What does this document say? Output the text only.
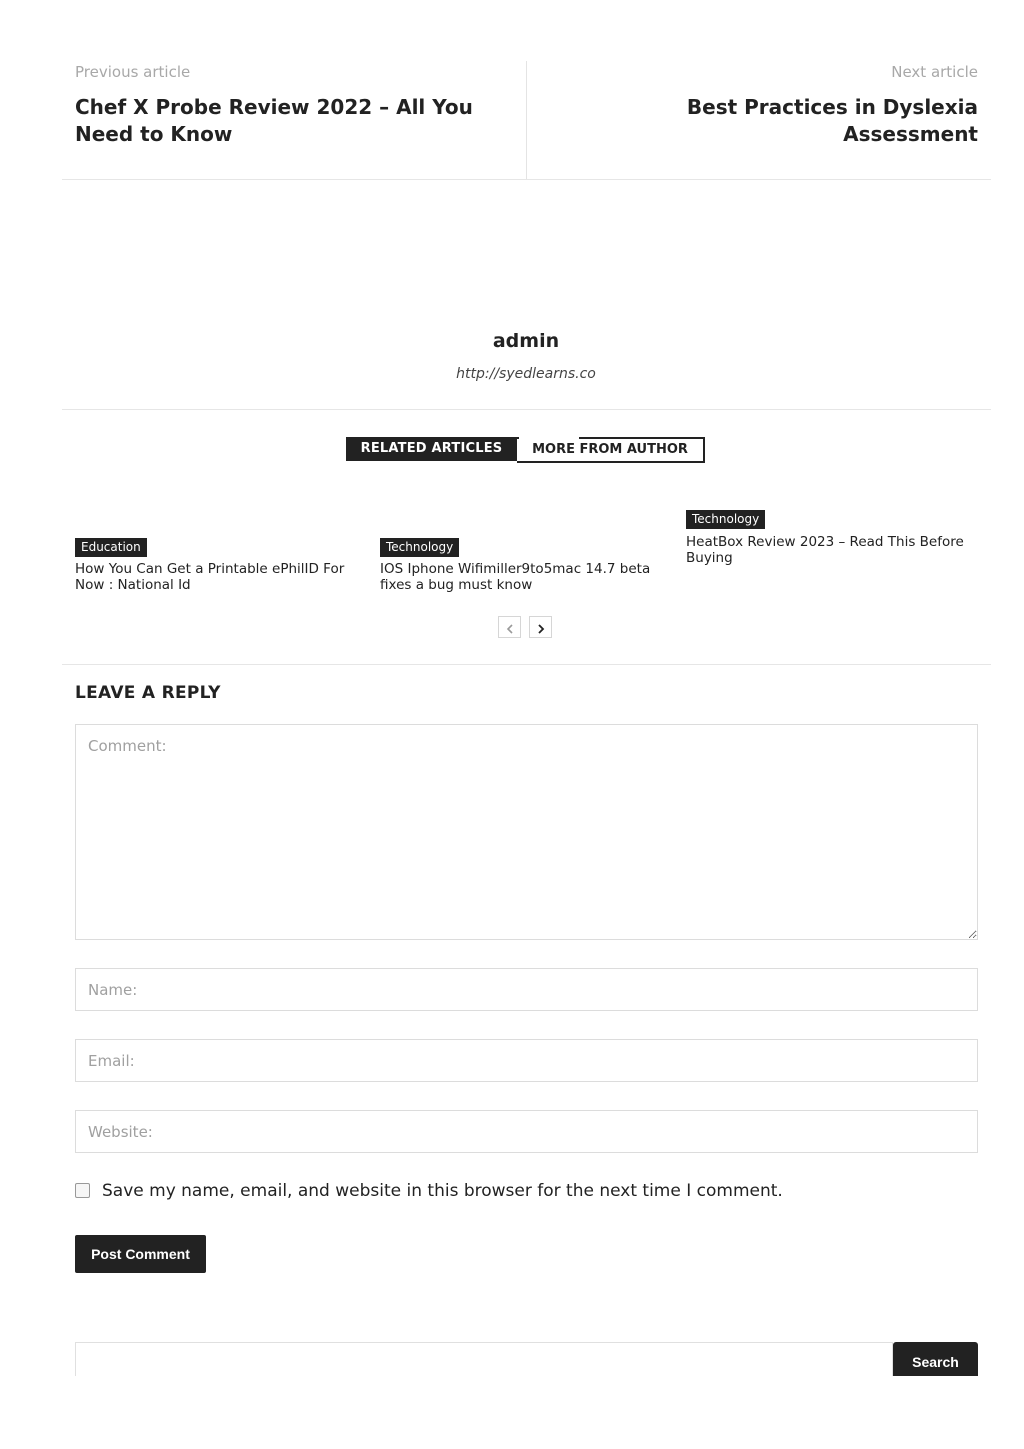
Previous article
Chef X Probe Review 2022 – All You Need to Know
Next article
Best Practices in Dyslexia Assessment
admin
http://syedlearns.co
RELATED ARTICLES	MORE FROM AUTHOR
Education
How You Can Get a Printable ePhilID For Now : National Id
Technology
IOS Iphone Wifimiller9to5mac 14.7 beta fixes a bug must know
Technology
HeatBox Review 2023 – Read This Before Buying
LEAVE A REPLY
Comment:
Name:
Email:
Website:
Save my name, email, and website in this browser for the next time I comment.
Post Comment
Search
